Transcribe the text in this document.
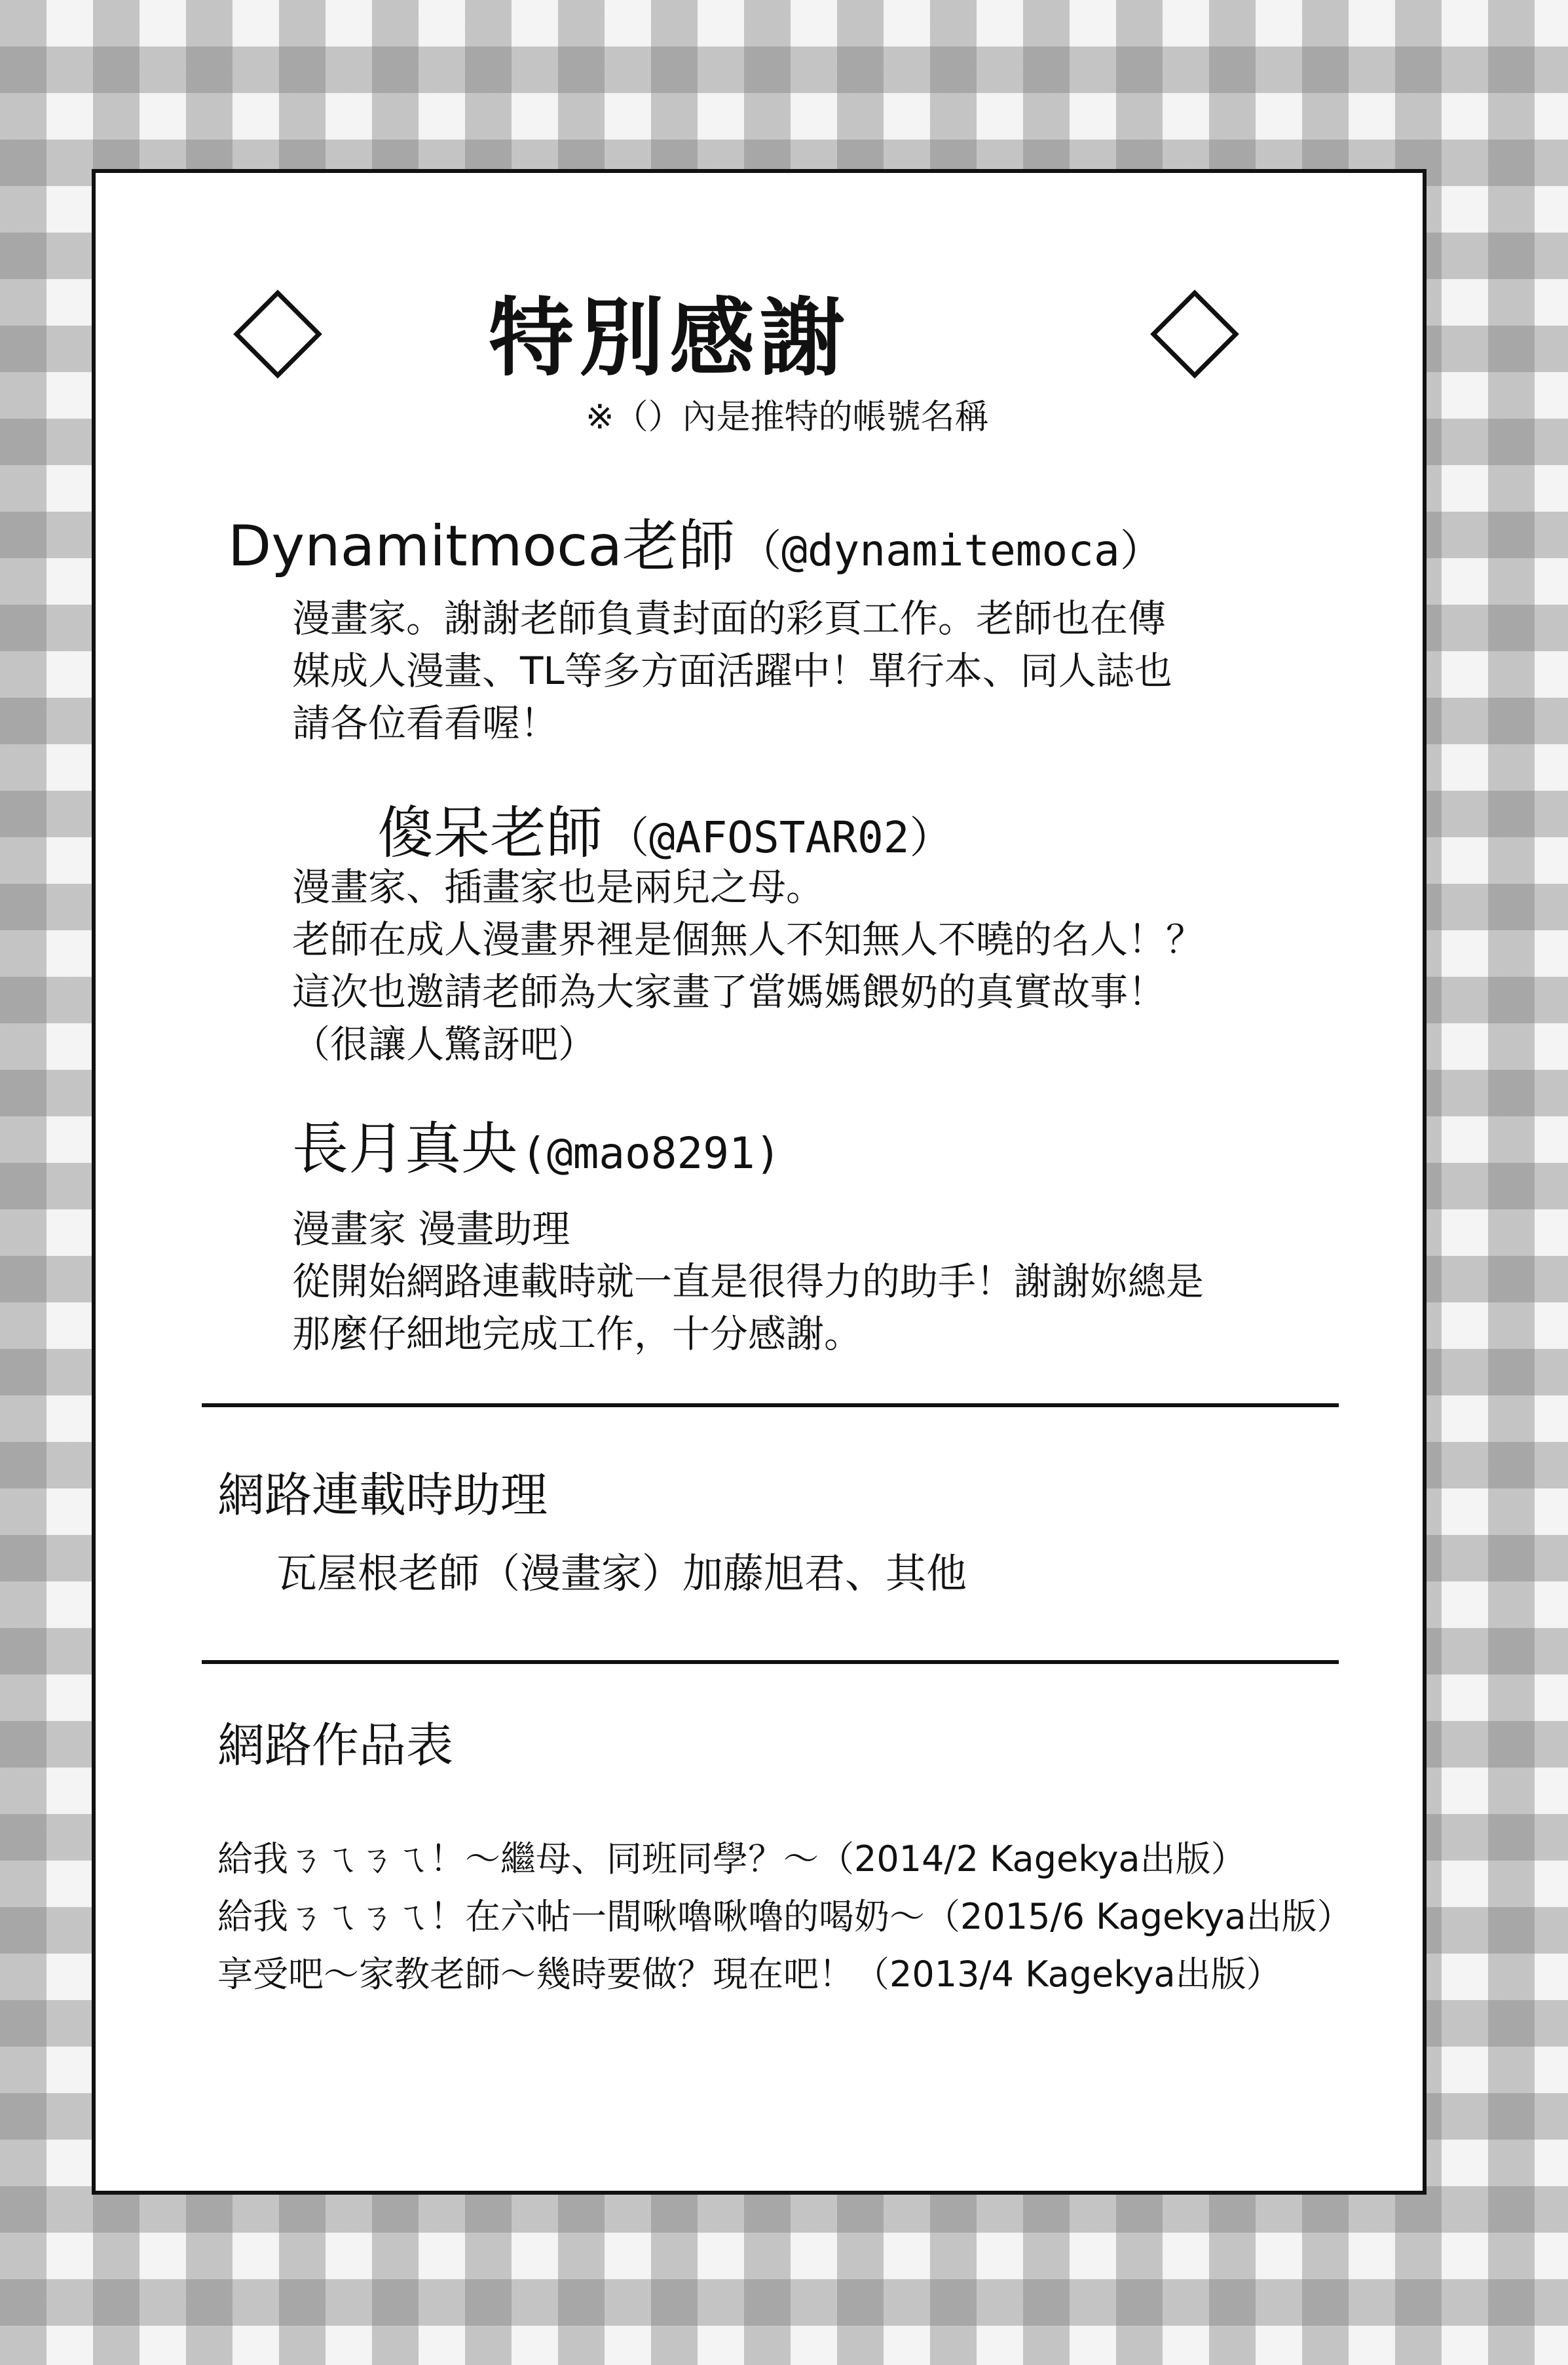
特別感謝
※（）內是推特的帳號名稱
Dynamitmoca老師 （@dynamitemoca）

漫畫家。謝謝老師負責封面的彩頁工作。老師也在傳

媒成人漫畫、TL等多方面活躍中！單行本、同人誌也

請各位看看喔！

傻呆老師 （@AFOSTAR02）

漫畫家、插畫家也是兩兒之母。

老師在成人漫畫界裡是個無人不知無人不曉的名人！？

這次也邀請老師為大家畫了當媽媽餵奶的真實故事！

（很讓人驚訝吧）

長月真央 (@mao8291)

漫畫家 漫畫助理

從開始網路連載時就一直是很得力的助手！謝謝妳總是

那麼仔細地完成工作，十分感謝。

網路連載時助理
瓦屋根老師（漫畫家）加藤旭君、其他
網路作品表

給我ㄋㄟㄋㄟ！～繼母、同班同學？～（2014/2 Kagekya出版）

給我ㄋㄟㄋㄟ！在六帖一間啾嚕啾嚕的喝奶～（2015/6 Kagekya出版）

享受吧～家教老師～幾時要做？現在吧！（2013/4 Kagekya出版）
